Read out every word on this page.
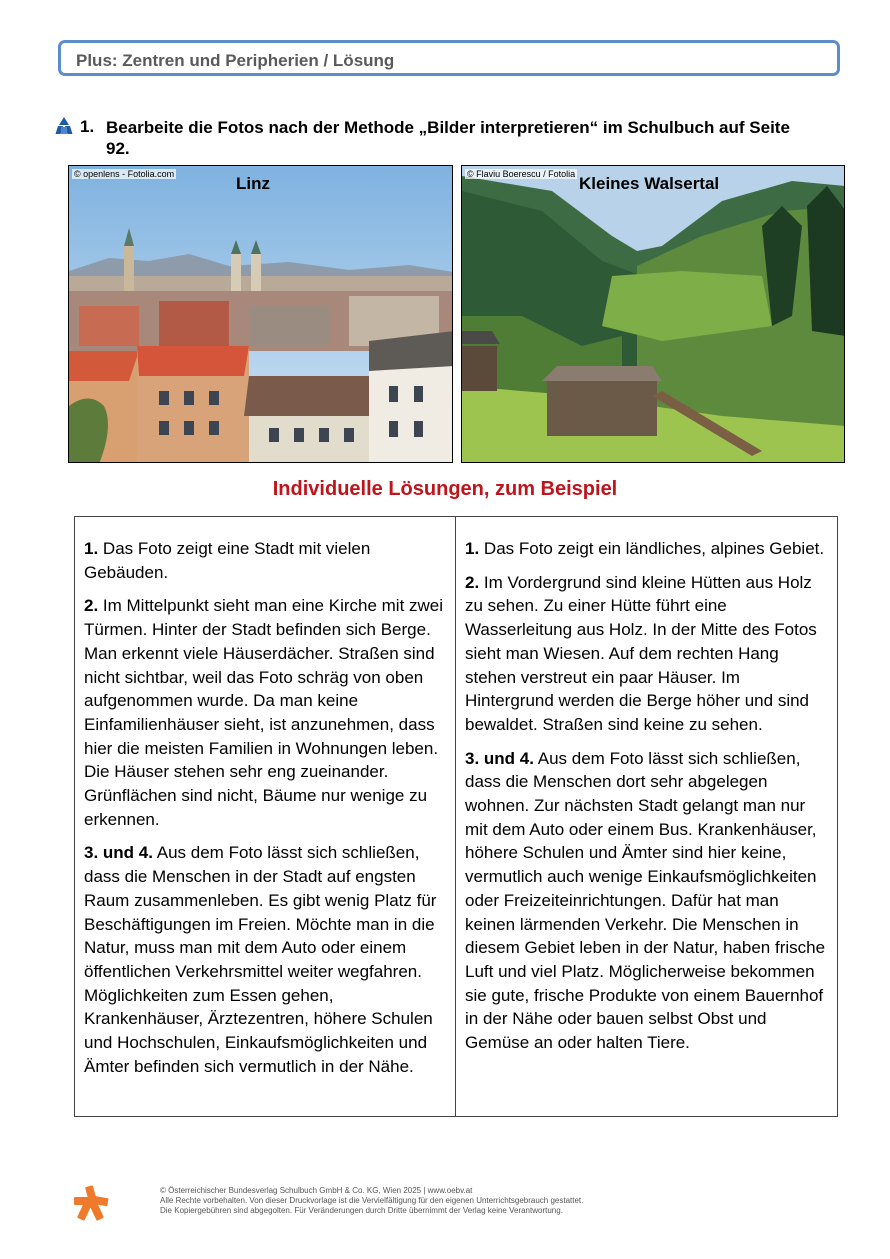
Plus: Zentren und Peripherien / Lösung
1. Bearbeite die Fotos nach der Methode „Bilder interpretieren“ im Schulbuch auf Seite 92.
© openlens - Fotolia.com	Linz	© Flaviu Boerescu / Fotolia Kleines Walsertal
Individuelle Lösungen, zum Beispiel

1. Das Foto zeigt eine Stadt mit vielen Gebäuden.

2. Im Mittelpunkt sieht man eine Kirche mit zwei Türmen. Hinter der Stadt befinden sich Berge. Man erkennt viele Häuserdächer. Straßen sind nicht sichtbar, weil das Foto schräg von oben aufgenommen wurde. Da man keine Einfamilienhäuser sieht, ist anzunehmen, dass hier die meisten Familien in Wohnungen leben. Die Häuser stehen sehr eng zueinander. Grünflächen sind nicht, Bäume nur wenige zu erkennen.

3. und 4. Aus dem Foto lässt sich schließen, dass die Menschen in der Stadt auf engsten Raum zusammenleben. Es gibt wenig Platz für Beschäftigungen im Freien. Möchte man in die Natur, muss man mit dem Auto oder einem öffentlichen Verkehrsmittel weiter wegfahren. Möglichkeiten zum Essen gehen, Krankenhäuser, Ärztezentren, höhere Schulen und Hochschulen, Einkaufsmöglichkeiten und Ämter befinden sich vermutlich in der Nähe.

1. Das Foto zeigt ein ländliches, alpines Gebiet.

2. Im Vordergrund sind kleine Hütten aus Holz zu sehen. Zu einer Hütte führt eine Wasserleitung aus Holz. In der Mitte des Fotos sieht man Wiesen. Auf dem rechten Hang stehen verstreut ein paar Häuser. Im Hintergrund werden die Berge höher und sind bewaldet. Straßen sind keine zu sehen.

3. und 4. Aus dem Foto lässt sich schließen, dass die Menschen dort sehr abgelegen wohnen. Zur nächsten Stadt gelangt man nur mit dem Auto oder einem Bus. Krankenhäuser, höhere Schulen und Ämter sind hier keine, vermutlich auch wenige Einkaufsmöglichkeiten oder Freizeiteinrichtungen. Dafür hat man keinen lärmenden Verkehr. Die Menschen in diesem Gebiet leben in der Natur, haben frische Luft und viel Platz. Möglicherweise bekommen sie gute, frische Produkte von einem Bauernhof in der Nähe oder bauen selbst Obst und Gemüse an oder halten Tiere.

© Österreichischer Bundesverlag Schulbuch GmbH & Co. KG, Wien 2025 | www.oebv.at
Alle Rechte vorbehalten. Von dieser Druckvorlage ist die Vervielfältigung für den eigenen Unterrichtsgebrauch gestattet.
Die Kopiergebühren sind abgegolten. Für Veränderungen durch Dritte übernimmt der Verlag keine Verantwortung.
